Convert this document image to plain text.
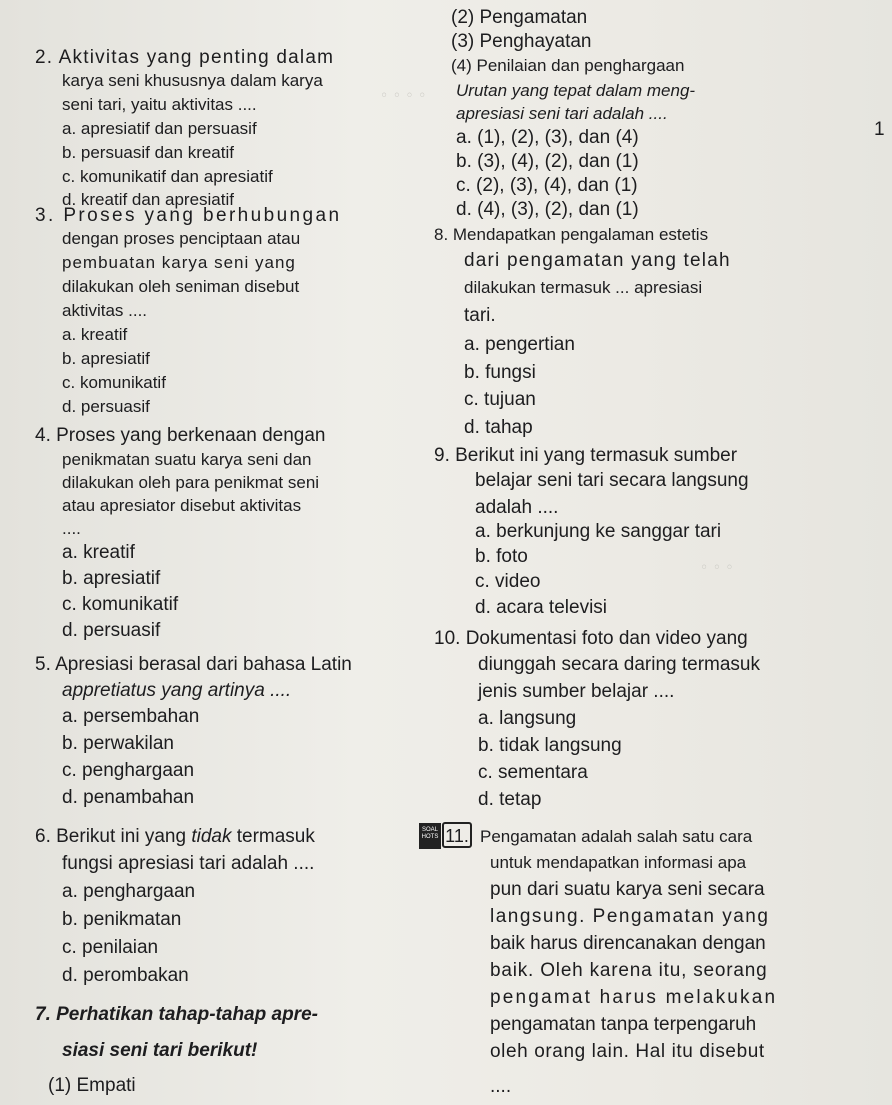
◦ ◦ ◦ ◦
◦ ◦ ◦
2. Aktivitas yang penting dalam
karya seni khususnya dalam karya
seni tari, yaitu aktivitas ....
a. apresiatif dan persuasif
b. persuasif dan kreatif
c. komunikatif dan apresiatif
d. kreatif dan apresiatif
3. Proses yang berhubungan
dengan proses penciptaan atau
pembuatan karya seni yang
dilakukan oleh seniman disebut
aktivitas ....
a. kreatif
b. apresiatif
c. komunikatif
d. persuasif
4. Proses yang berkenaan dengan
penikmatan suatu karya seni dan
dilakukan oleh para penikmat seni
atau apresiator disebut aktivitas
....
a. kreatif
b. apresiatif
c. komunikatif
d. persuasif
5. Apresiasi berasal dari bahasa Latin
appretiatus yang artinya ....
a. persembahan
b. perwakilan
c. penghargaan
d. penambahan
6. Berikut ini yang tidak termasuk
fungsi apresiasi tari adalah ....
a. penghargaan
b. penikmatan
c. penilaian
d. perombakan
7. Perhatikan tahap-tahap apre-
siasi seni tari berikut!
(1) Empati
(2) Pengamatan
(3) Penghayatan
(4) Penilaian dan penghargaan
Urutan yang tepat dalam meng-
apresiasi seni tari adalah ....
a. (1), (2), (3), dan (4)
b. (3), (4), (2), dan (1)
c. (2), (3), (4), dan (1)
d. (4), (3), (2), dan (1)
1
8. Mendapatkan pengalaman estetis
dari pengamatan yang telah
dilakukan termasuk ... apresiasi
tari.
a. pengertian
b. fungsi
c. tujuan
d. tahap
9. Berikut ini yang termasuk sumber
belajar seni tari secara langsung
adalah ....
a. berkunjung ke sanggar tari
b. foto
c. video
d. acara televisi
10. Dokumentasi foto dan video yang
diunggah secara daring termasuk
jenis sumber belajar ....
a. langsung
b. tidak langsung
c. sementara
d. tetap
SOAL HOTS 11. Pengamatan adalah salah satu cara
untuk mendapatkan informasi apa
pun dari suatu karya seni secara
langsung. Pengamatan yang
baik harus direncanakan dengan
baik. Oleh karena itu, seorang
pengamat harus melakukan
pengamatan tanpa terpengaruh
oleh orang lain. Hal itu disebut
....
